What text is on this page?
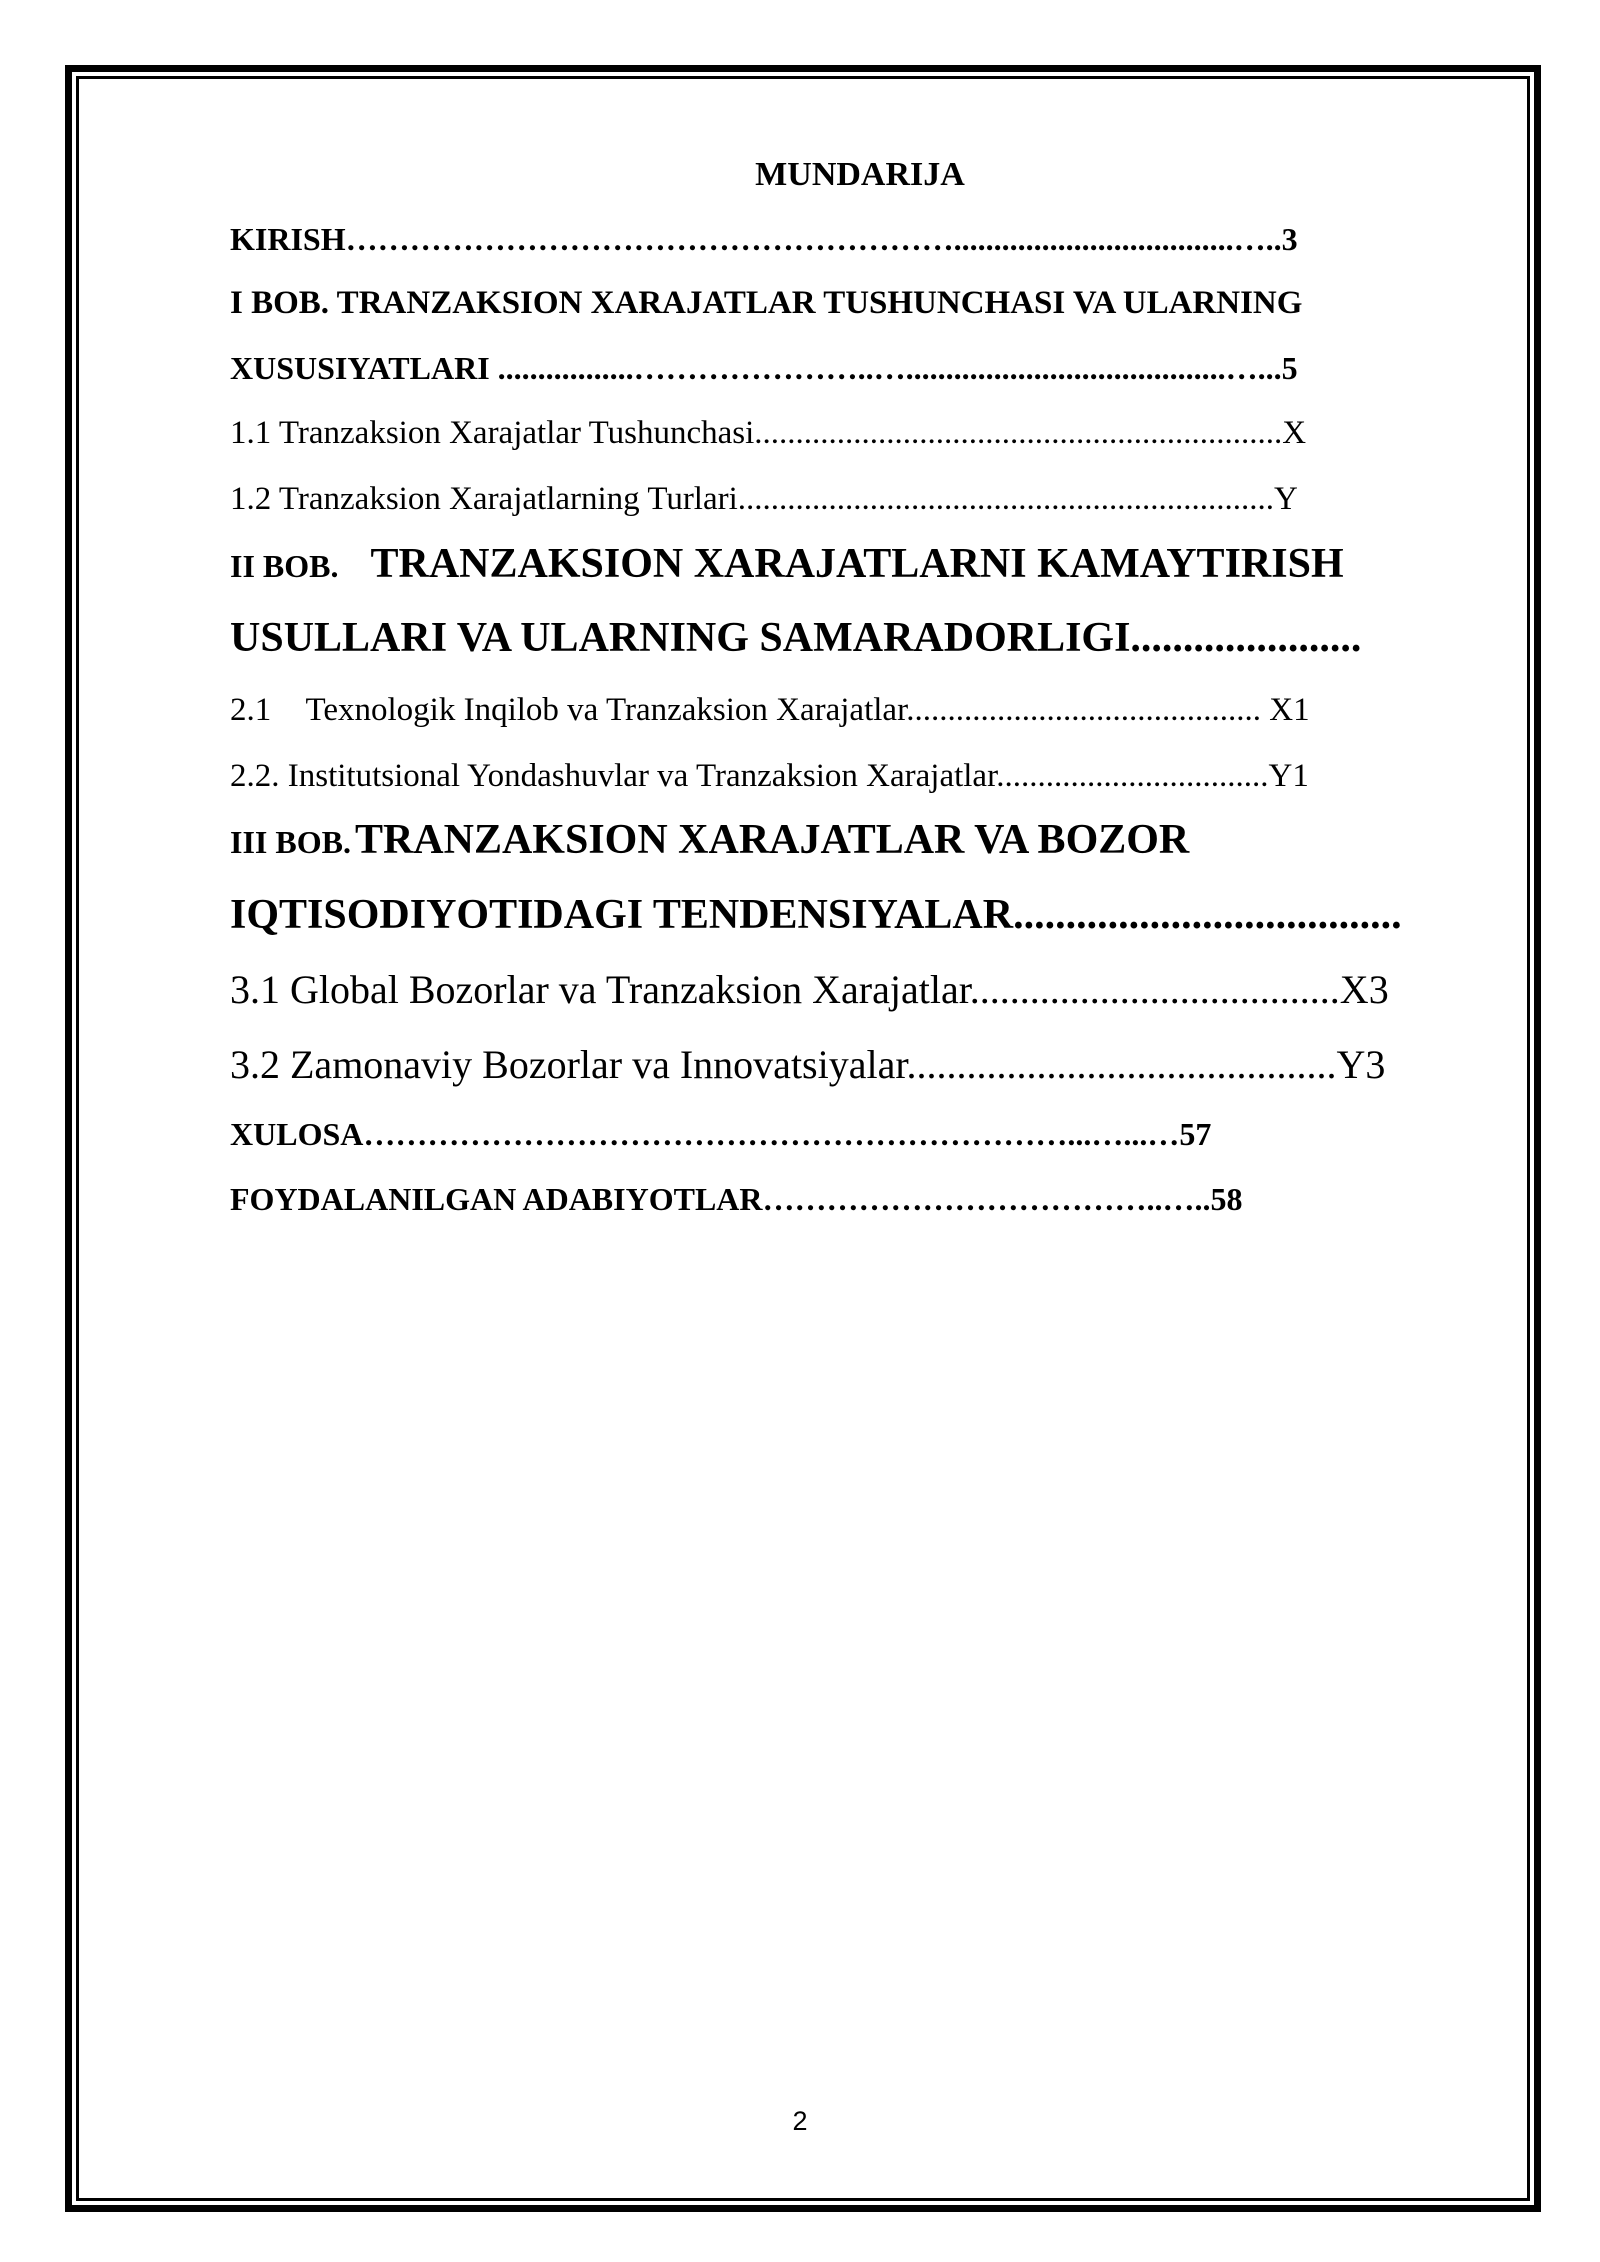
MUNDARIJA
KIRISH…………………………………………………...................................…..3
I BOB. TRANZAKSION XARAJATLAR TUSHUNCHASI VA ULARNING
XUSUSIYATLARI .................…………………..…........................................…...5
1.1 Tranzaksion Xarajatlar Tushunchasi................................................................X
1.2 Tranzaksion Xarajatlarning Turlari.................................................................Y
II BOB. TRANZAKSION XARAJATLARNI KAMAYTIRISH
USULLARI VA ULARNING SAMARADORLIGI......................
2.1 Texnologik Inqilob va Tranzaksion Xarajatlar........................................... X1
2.2. Institutsional Yondashuvlar va Tranzaksion Xarajatlar.................................Y1
III BOB. TRANZAKSION XARAJATLAR VA BOZOR
IQTISODIYOTIDAGI TENDENSIYALAR.....................................
3.1 Global Bozorlar va Tranzaksion Xarajatlar.....................................X3
3.2 Zamonaviy Bozorlar va Innovatsiyalar...........................................Y3
XULOSA…………………………………………………………...…...…57
FOYDALANILGAN ADABIYOTLAR………………………………..…..58
2
